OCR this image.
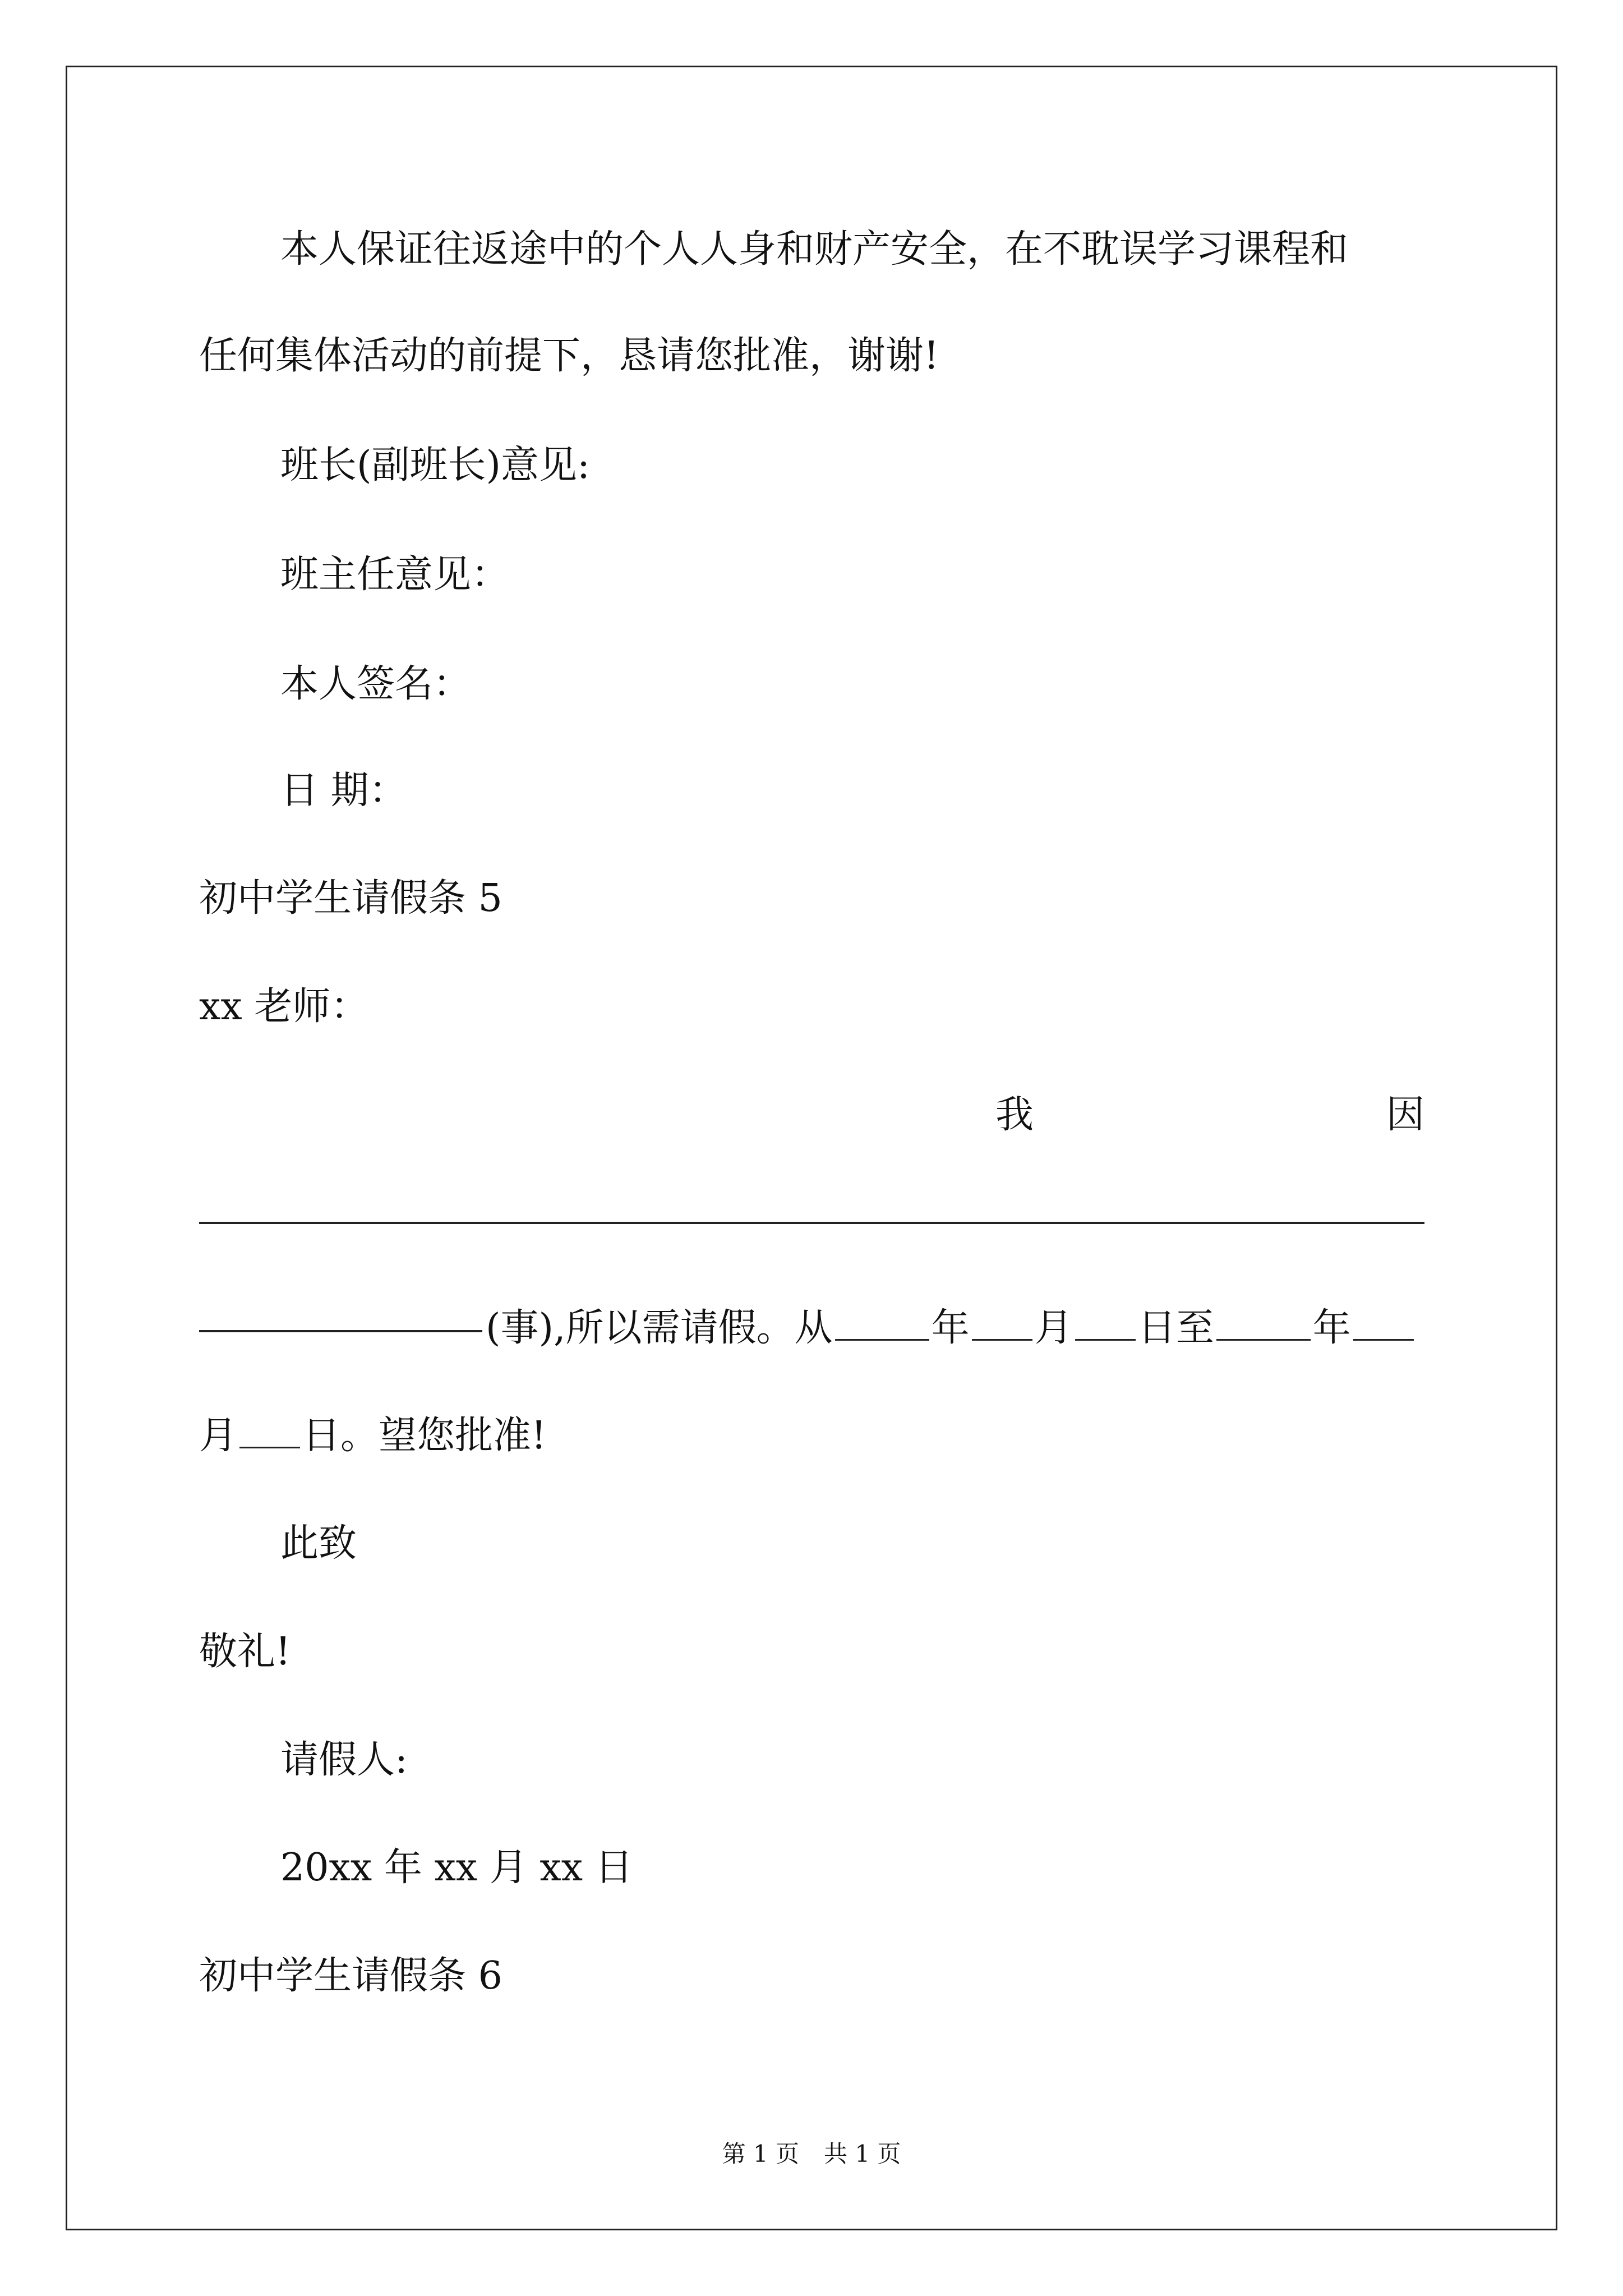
本人保证往返途中的个人人身和财产安全，在不耽误学习课程和
任何集体活动的前提下，恳请您批准，谢谢!
班长(副班长)意见:
班主任意见：
本人签名：
日 期：
初中学生请假条 5
xx 老师：
我	因
(事),所以需请假。从	年 月 日至	年
月 日。望您批准!
此致
敬礼!
请假人:
20xx 年 xx 月 xx 日
初中学生请假条 6
第 1 页 共 1 页
